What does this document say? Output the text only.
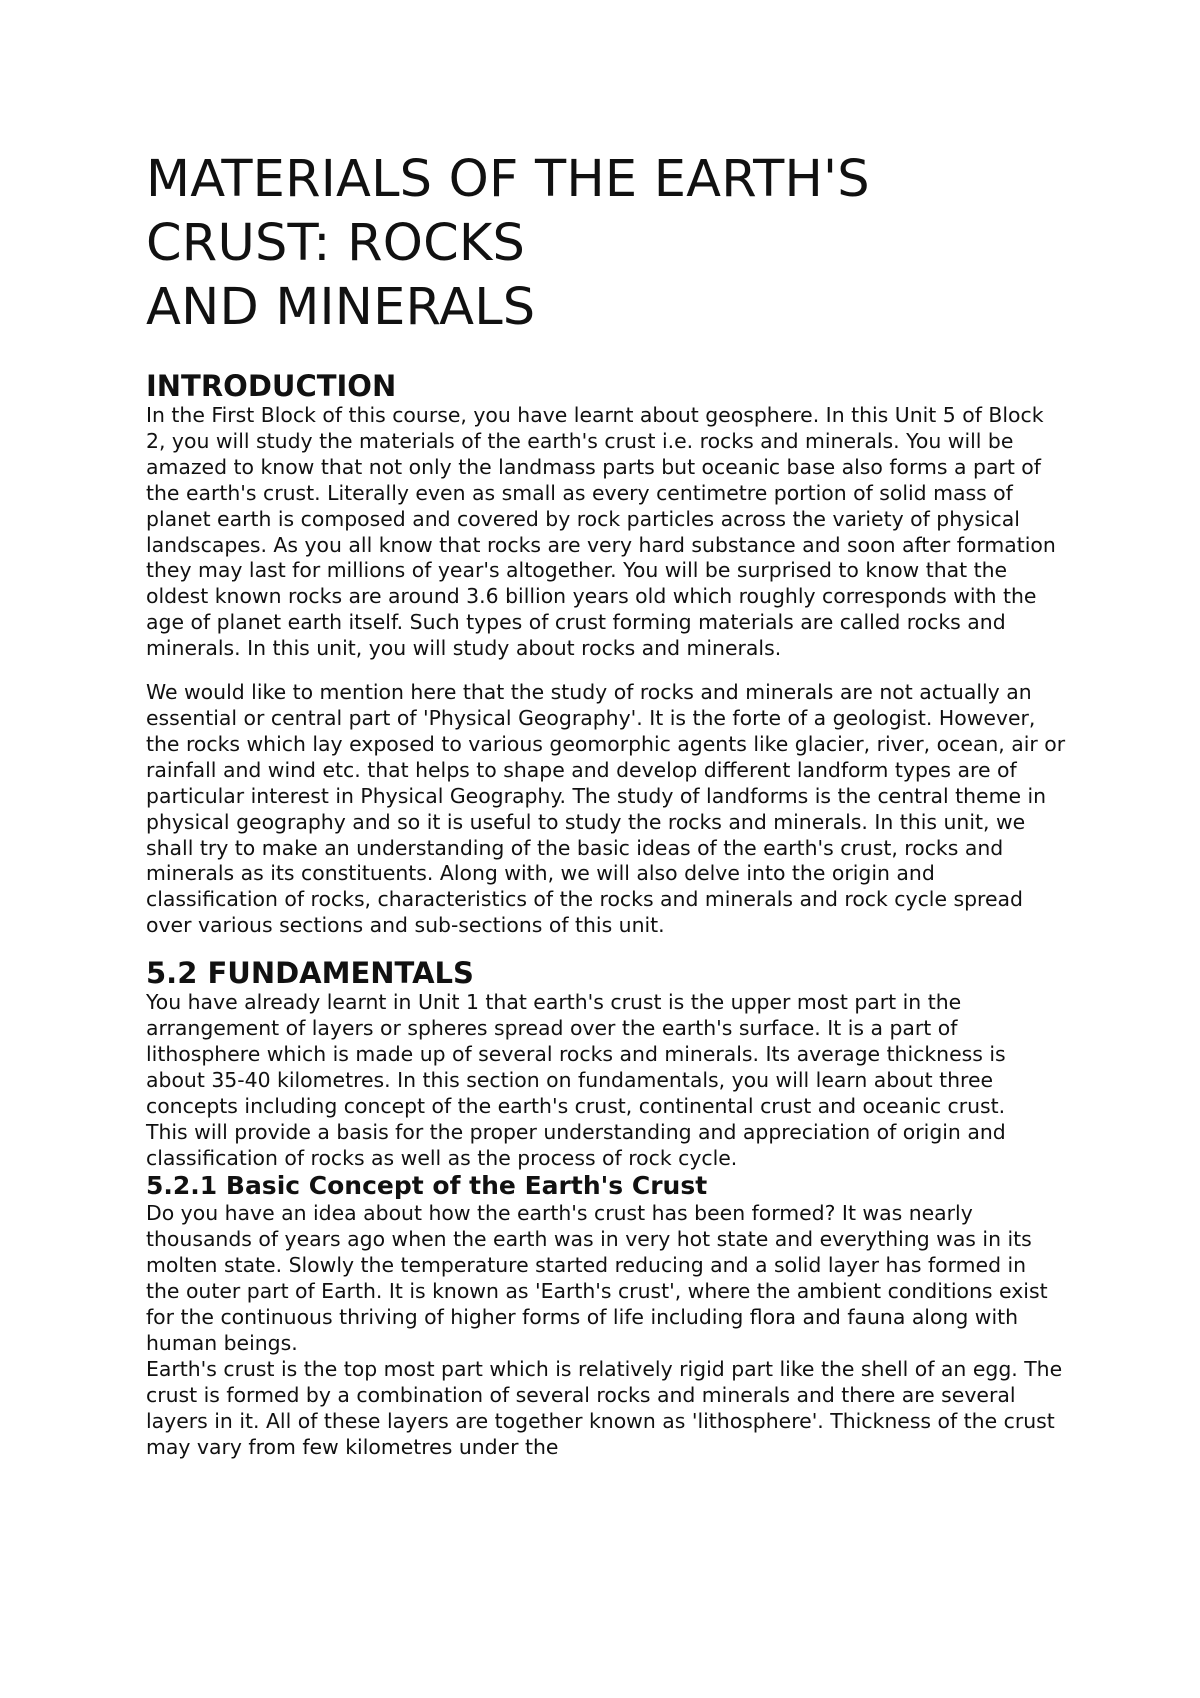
MATERIALS OF THE EARTH'S
CRUST: ROCKS
AND MINERALS
INTRODUCTION

In the First Block of this course, you have learnt about geosphere. In this Unit 5 of Block 2, you will study the materials of the earth's crust i.e. rocks and minerals. You will be amazed to know that not only the landmass parts but oceanic base also forms a part of the earth's crust. Literally even as small as every centimetre portion of solid mass of planet earth is composed and covered by rock particles across the variety of physical landscapes. As you all know that rocks are very hard substance and soon after formation they may last for millions of year's altogether. You will be surprised to know that the oldest known rocks are around 3.6 billion years old which roughly corresponds with the age of planet earth itself. Such types of crust forming materials are called rocks and minerals. In this unit, you will study about rocks and minerals.

We would like to mention here that the study of rocks and minerals are not actually an essential or central part of 'Physical Geography'. It is the forte of a geologist. However, the rocks which lay exposed to various geomorphic agents like glacier, river, ocean, air or rainfall and wind etc. that helps to shape and develop different landform types are of particular interest in Physical Geography. The study of landforms is the central theme in physical geography and so it is useful to study the rocks and minerals. In this unit, we shall try to make an understanding of the basic ideas of the earth's crust, rocks and minerals as its constituents. Along with, we will also delve into the origin and classification of rocks, characteristics of the rocks and minerals and rock cycle spread over various sections and sub-sections of this unit.

5.2 FUNDAMENTALS

You have already learnt in Unit 1 that earth's crust is the upper most part in the arrangement of layers or spheres spread over the earth's surface. It is a part of lithosphere which is made up of several rocks and minerals. Its average thickness is about 35-40 kilometres. In this section on fundamentals, you will learn about three concepts including concept of the earth's crust, continental crust and oceanic crust.

This will provide a basis for the proper understanding and appreciation of origin and classification of rocks as well as the process of rock cycle.

5.2.1 Basic Concept of the Earth's Crust

Do you have an idea about how the earth's crust has been formed? It was nearly thousands of years ago when the earth was in very hot state and everything was in its molten state. Slowly the temperature started reducing and a solid layer has formed in the outer part of Earth. It is known as 'Earth's crust', where the ambient conditions exist for the continuous thriving of higher forms of life including flora and fauna along with human beings.

Earth's crust is the top most part which is relatively rigid part like the shell of an egg. The crust is formed by a combination of several rocks and minerals and there are several layers in it. All of these layers are together known as 'lithosphere'. Thickness of the crust may vary from few kilometres under the
